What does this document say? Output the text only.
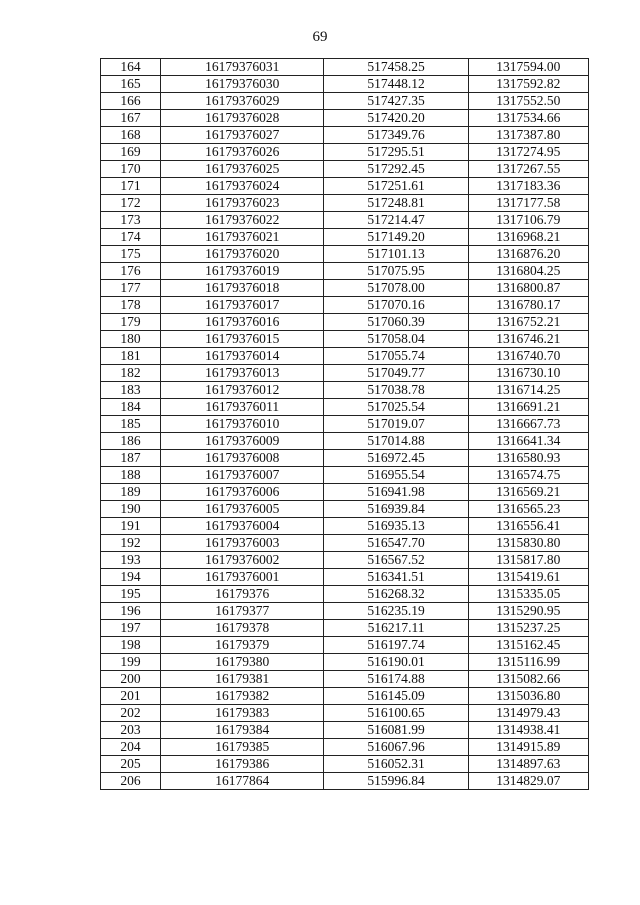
69
164	16179376031	517458.25	1317594.00
165	16179376030	517448.12	1317592.82
166	16179376029	517427.35	1317552.50
167	16179376028	517420.20	1317534.66
168	16179376027	517349.76	1317387.80
169	16179376026	517295.51	1317274.95
170	16179376025	517292.45	1317267.55
171	16179376024	517251.61	1317183.36
172	16179376023	517248.81	1317177.58
173	16179376022	517214.47	1317106.79
174	16179376021	517149.20	1316968.21
175	16179376020	517101.13	1316876.20
176	16179376019	517075.95	1316804.25
177	16179376018	517078.00	1316800.87
178	16179376017	517070.16	1316780.17
179	16179376016	517060.39	1316752.21
180	16179376015	517058.04	1316746.21
181	16179376014	517055.74	1316740.70
182	16179376013	517049.77	1316730.10
183	16179376012	517038.78	1316714.25
184	16179376011	517025.54	1316691.21
185	16179376010	517019.07	1316667.73
186	16179376009	517014.88	1316641.34
187	16179376008	516972.45	1316580.93
188	16179376007	516955.54	1316574.75
189	16179376006	516941.98	1316569.21
190	16179376005	516939.84	1316565.23
191	16179376004	516935.13	1316556.41
192	16179376003	516547.70	1315830.80
193	16179376002	516567.52	1315817.80
194	16179376001	516341.51	1315419.61
195	16179376	516268.32	1315335.05
196	16179377	516235.19	1315290.95
197	16179378	516217.11	1315237.25
198	16179379	516197.74	1315162.45
199	16179380	516190.01	1315116.99
200	16179381	516174.88	1315082.66
201	16179382	516145.09	1315036.80
202	16179383	516100.65	1314979.43
203	16179384	516081.99	1314938.41
204	16179385	516067.96	1314915.89
205	16179386	516052.31	1314897.63
206	16177864	515996.84	1314829.07
